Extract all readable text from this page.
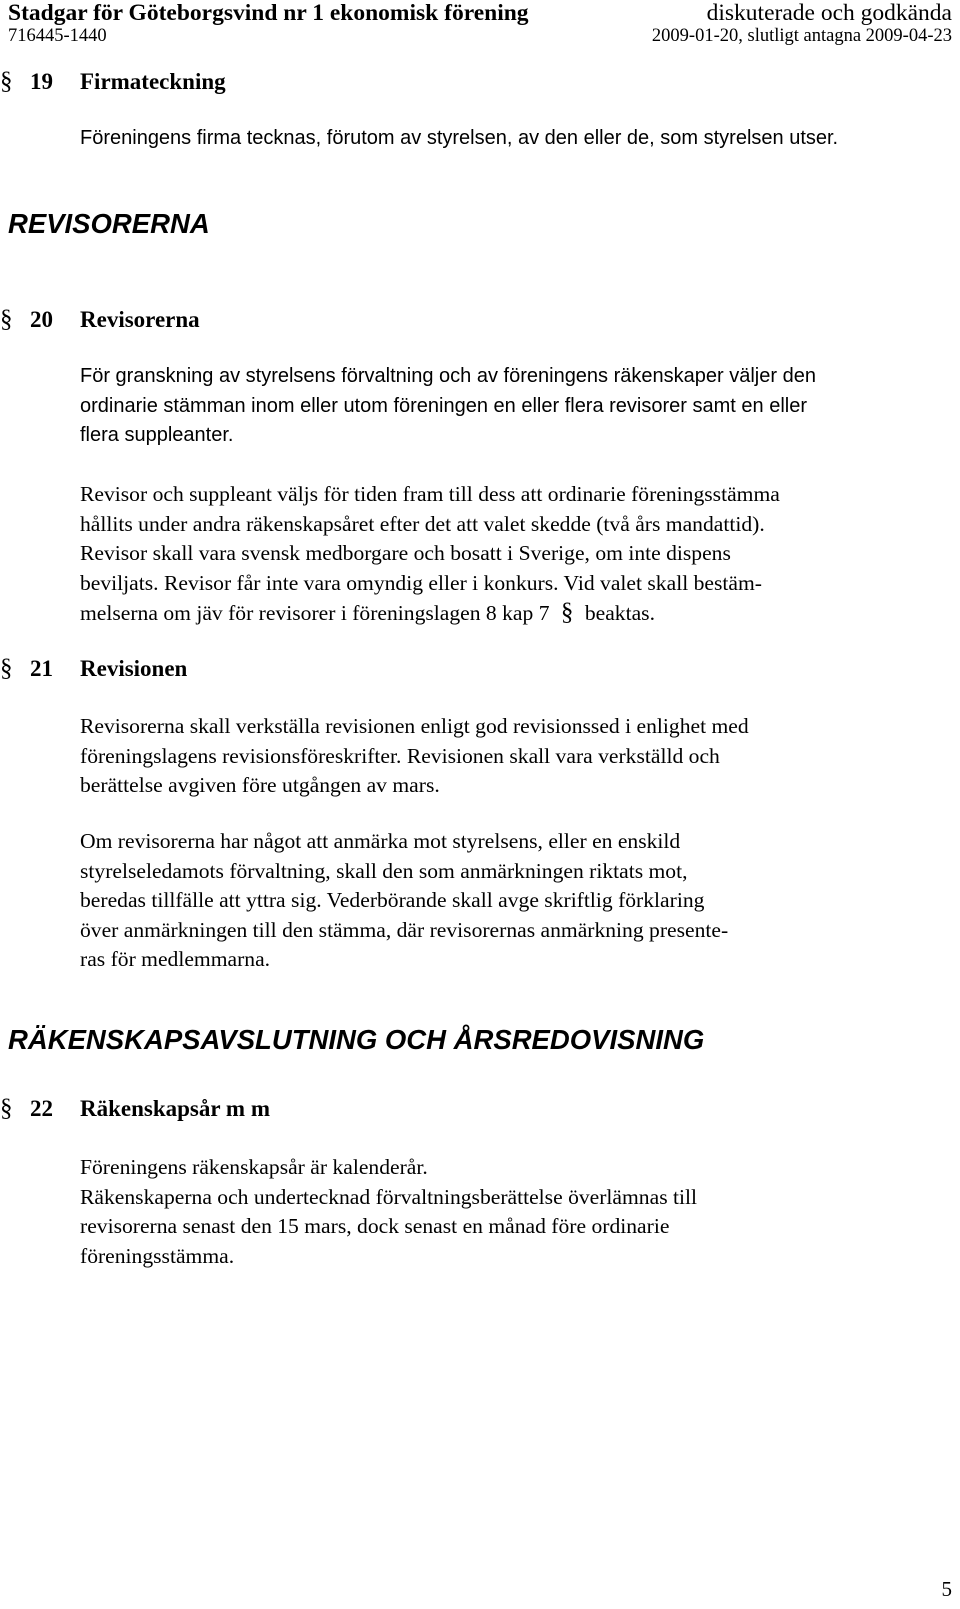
Stadgar för Göteborgsvind nr 1 ekonomisk förening	diskuterade och godkända
716445-1440	2009-01-20, slutligt antagna 2009-04-23
§ 19	Firmateckning

Föreningens firma tecknas, förutom av styrelsen, av den eller de, som styrelsen utser.

REVISORERNA
§ 20	Revisorerna

För granskning av styrelsens förvaltning och av föreningens räkenskaper väljer den
ordinarie stämman inom eller utom föreningen en eller flera revisorer samt en eller
flera suppleanter.

Revisor och suppleant väljs för tiden fram till dess att ordinarie föreningsstämma
hållits under andra räkenskapsåret efter det att valet skedde (två års mandattid).
Revisor skall vara svensk medborgare och bosatt i Sverige, om inte dispens
beviljats. Revisor får inte vara omyndig eller i konkurs. Vid valet skall bestäm-
melserna om jäv för revisorer i föreningslagen 8 kap 7 § beaktas.

§ 21	Revisionen

Revisorerna skall verkställa revisionen enligt god revisionssed i enlighet med
föreningslagens revisionsföreskrifter. Revisionen skall vara verkställd och
berättelse avgiven före utgången av mars.

Om revisorerna har något att anmärka mot styrelsens, eller en enskild
styrelseledamots förvaltning, skall den som anmärkningen riktats mot,
beredas tillfälle att yttra sig. Vederbörande skall avge skriftlig förklaring
över anmärkningen till den stämma, där revisorernas anmärkning presente-
ras för medlemmarna.

RÄKENSKAPSAVSLUTNING OCH ÅRSREDOVISNING
§ 22	Räkenskapsår m m

Föreningens räkenskapsår är kalenderår.
Räkenskaperna och undertecknad förvaltningsberättelse överlämnas till
revisorerna senast den 15 mars, dock senast en månad före ordinarie
föreningsstämma.

5
